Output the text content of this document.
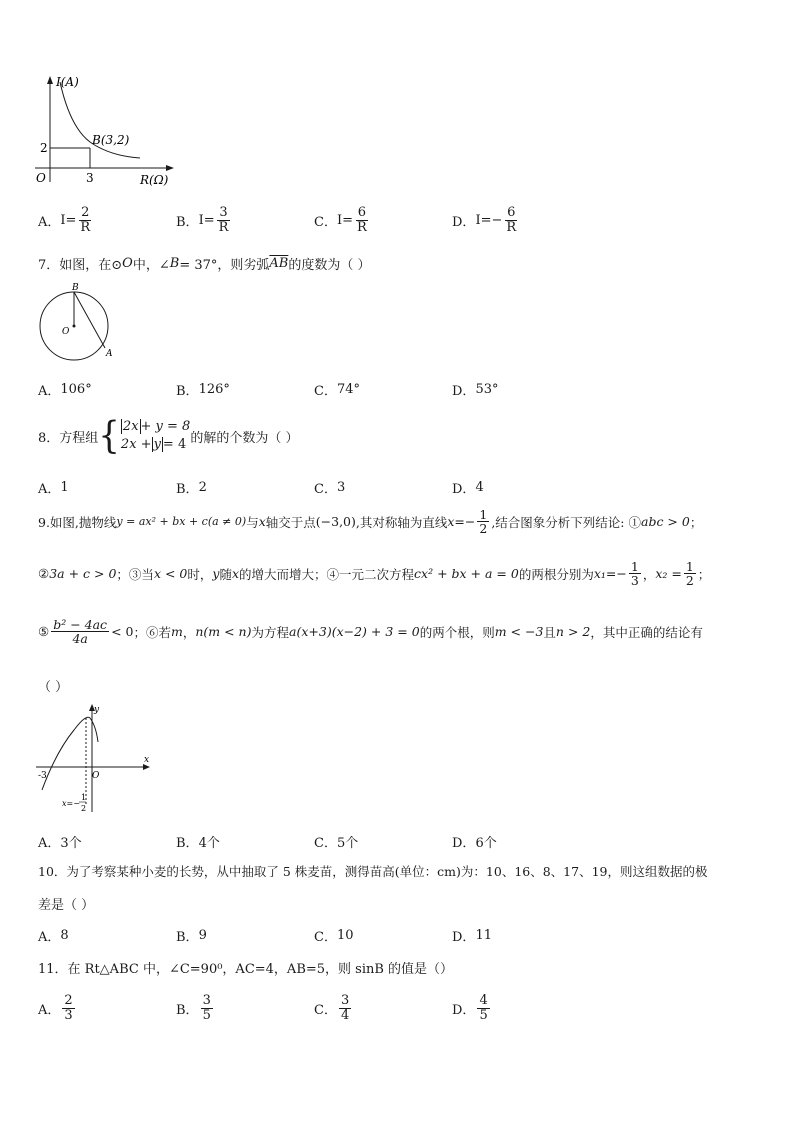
I(A)
R(Ω)
O
2
3
B(3,2)
A． $I= \frac{2}{R}$	B． $I= \frac{3}{R}$	C． $I= \frac{6}{R}$	D． $I=- \frac{6}{R}$
7．如图，在⊙ O 中，∠ B = 37°，则劣弧 $\overline{AB}$ 的度数为（ ）
B
O
A
A． 106°	B． 126°	C． 74°	D． 53°
8．方程组 { 2x + y = 8
2x + y = 4 的解的个数为（ ）
A． 1	B． 2	C． 3	D． 4
9.如图,抛物线 y = ax² + bx + c(a ≠ 0) 与 x 轴交于点 (−3,0) ,其对称轴为直线 $x=- \frac{1}{2}$ ,结合图象分析下列结论: ① abc > 0 ；
② 3a + c > 0 ；③当 x < 0 时， y 随 x 的增大而增大；④一元二次方程 cx² + bx + a = 0 的两根分别为 $x_1=- \frac{1}{3}$ ， $x_2 = \frac{1}{2}$ ；
⑤ $\frac{\text{b² − 4ac}}{4a} < 0$ ；⑥若 m ， n(m < n) 为方程 a(x+3)(x−2) + 3 = 0 的两个根，则 m < −3 且 n > 2 ，其中正确的结论有
（ ）
y
x
O
-3
x=−
1
2
A． 3个	B． 4个	C． 5个	D． 6个
10．为了考察某种小麦的长势，从中抽取了 5 株麦苗，测得苗高(单位：cm)为：10、16、8、17、19，则这组数据的极
差是（ ）
A． 8	B． 9	C． 10	D． 11
11．在 Rt△ABC 中，∠C=90⁰，AC=4，AB=5，则 sinB 的值是（）
A． $\frac{2}{3}$	B． $\frac{3}{5}$	C． $\frac{3}{4}$	D． $\frac{4}{5}$
